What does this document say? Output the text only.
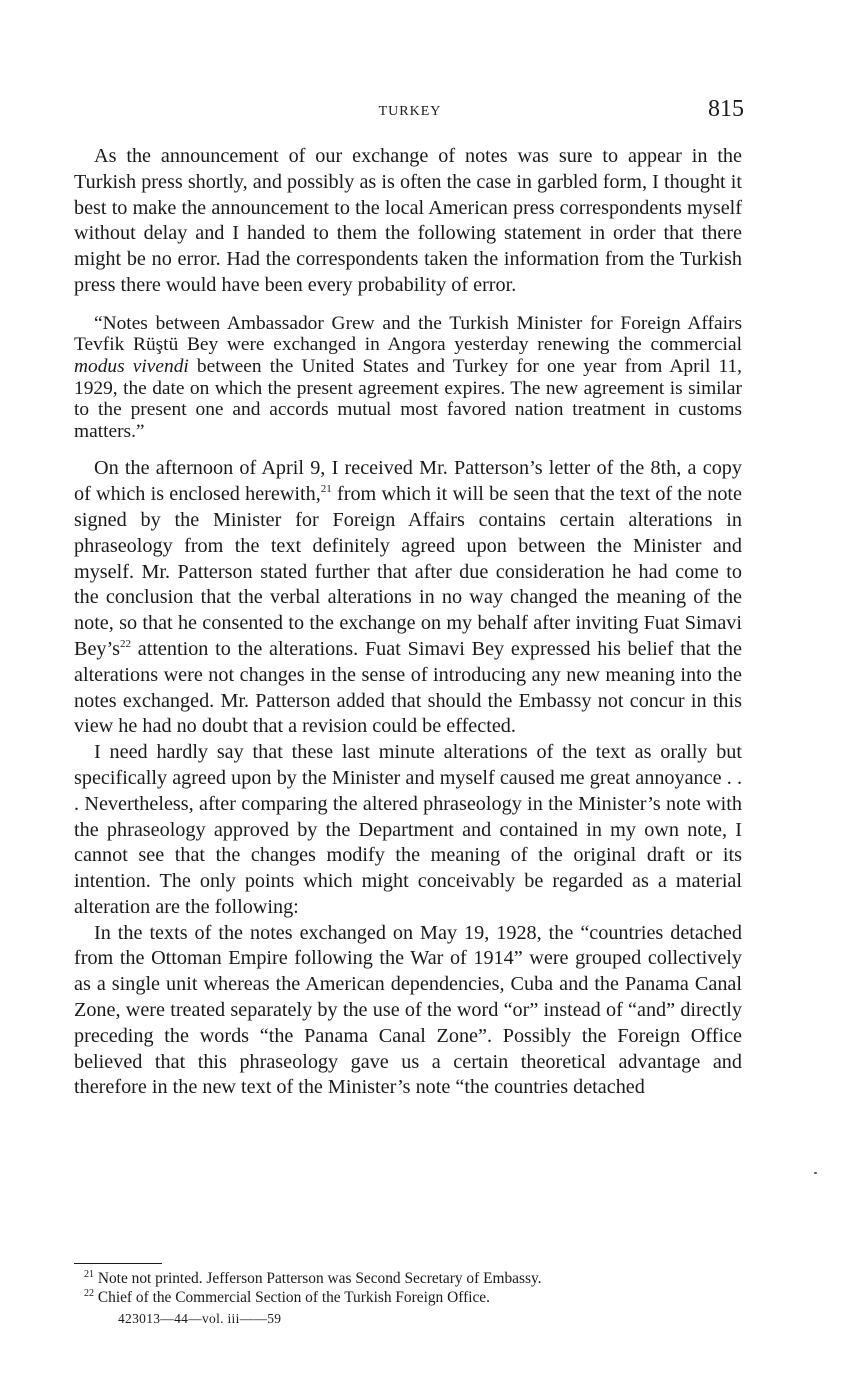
TURKEY	815

As the announcement of our exchange of notes was sure to appear in the Turkish press shortly, and possibly as is often the case in garbled form, I thought it best to make the announcement to the local American press correspondents myself without delay and I handed to them the following statement in order that there might be no error. Had the correspondents taken the information from the Turkish press there would have been every probability of error.

“Notes between Ambassador Grew and the Turkish Minister for Foreign Affairs Tevfik Rüştü Bey were exchanged in Angora yesterday renewing the commercial modus vivendi between the United States and Turkey for one year from April 11, 1929, the date on which the present agreement expires. The new agreement is similar to the present one and accords mutual most favored nation treatment in customs matters.”

On the afternoon of April 9, I received Mr. Patterson’s letter of the 8th, a copy of which is enclosed herewith,$^{21}$ from which it will be seen that the text of the note signed by the Minister for Foreign Affairs contains certain alterations in phraseology from the text definitely agreed upon between the Minister and myself. Mr. Patterson stated further that after due consideration he had come to the conclusion that the verbal alterations in no way changed the meaning of the note, so that he consented to the exchange on my behalf after inviting Fuat Simavi Bey’s$^{22}$ attention to the alterations. Fuat Simavi Bey expressed his belief that the alterations were not changes in the sense of introducing any new meaning into the notes exchanged. Mr. Patterson added that should the Embassy not concur in this view he had no doubt that a revision could be effected.

I need hardly say that these last minute alterations of the text as orally but specifically agreed upon by the Minister and myself caused me great annoyance . . . Nevertheless, after comparing the altered phraseology in the Minister’s note with the phraseology approved by the Department and contained in my own note, I cannot see that the changes modify the meaning of the original draft or its intention. The only points which might conceivably be regarded as a material alteration are the following:

In the texts of the notes exchanged on May 19, 1928, the “countries detached from the Ottoman Empire following the War of 1914” were grouped collectively as a single unit whereas the American dependencies, Cuba and the Panama Canal Zone, were treated separately by the use of the word “or” instead of “and” directly preceding the words “the Panama Canal Zone”. Possibly the Foreign Office believed that this phraseology gave us a certain theoretical advantage and therefore in the new text of the Minister’s note “the countries detached

$^{21}$ Note not printed. Jefferson Patterson was Second Secretary of Embassy.

$^{22}$ Chief of the Commercial Section of the Turkish Foreign Office.

423013—44—vol. iii——59
